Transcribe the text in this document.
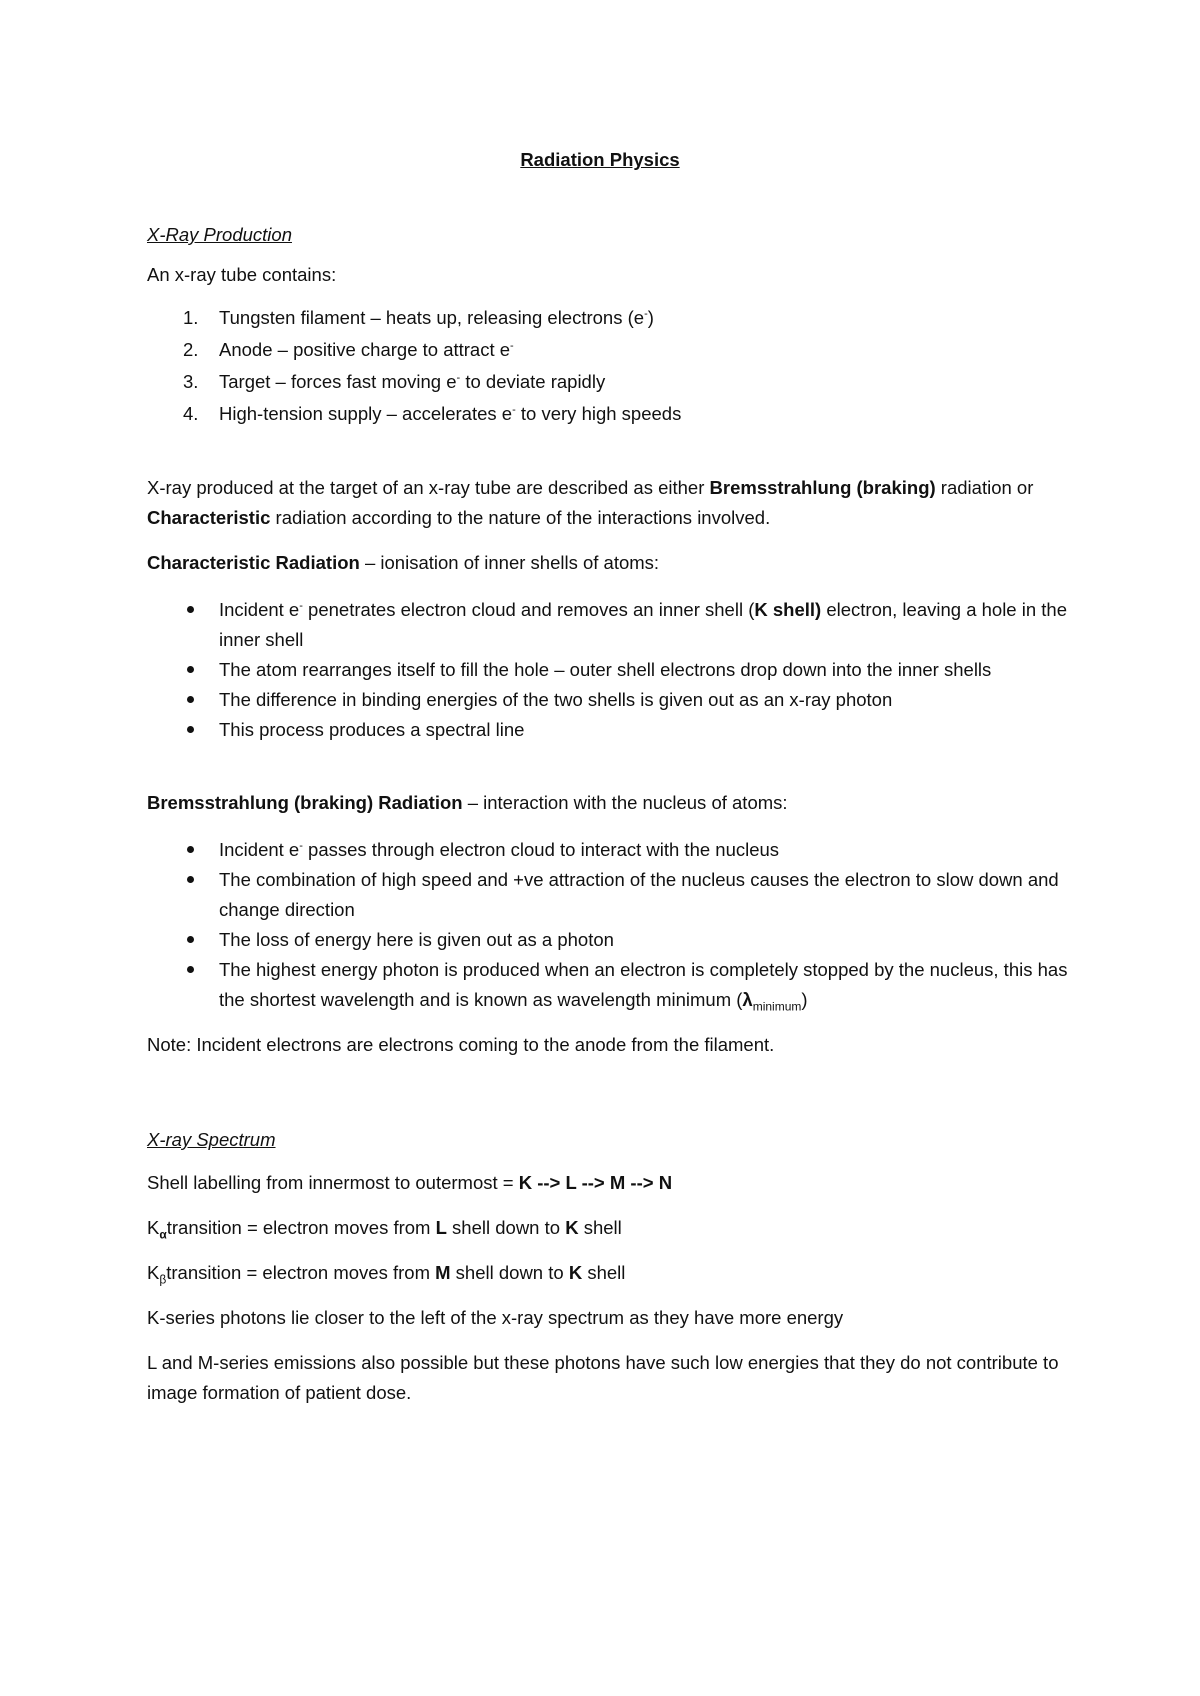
Radiation Physics

X-Ray Production

An x-ray tube contains:

1. Tungsten filament – heats up, releasing electrons (e-)
2. Anode – positive charge to attract e-
3. Target – forces fast moving e- to deviate rapidly
4. High-tension supply – accelerates e- to very high speeds

X-ray produced at the target of an x-ray tube are described as either Bremsstrahlung (braking) radiation or Characteristic radiation according to the nature of the interactions involved.

Characteristic Radiation – ionisation of inner shells of atoms:

Incident e- penetrates electron cloud and removes an inner shell (K shell) electron, leaving a hole in the inner shell
The atom rearranges itself to fill the hole – outer shell electrons drop down into the inner shells
The difference in binding energies of the two shells is given out as an x-ray photon
This process produces a spectral line

Bremsstrahlung (braking) Radiation – interaction with the nucleus of atoms:

Incident e- passes through electron cloud to interact with the nucleus
The combination of high speed and +ve attraction of the nucleus causes the electron to slow down and change direction
The loss of energy here is given out as a photon
The highest energy photon is produced when an electron is completely stopped by the nucleus, this has the shortest wavelength and is known as wavelength minimum $(\lambda_{minimum})$

Note: Incident electrons are electrons coming to the anode from the filament.

X-ray Spectrum

Shell labelling from innermost to outermost = K --> L --> M --> N

$K_\alpha transition$ = electron moves from L shell down to K shell

$K_\beta transition$ = electron moves from M shell down to K shell

K-series photons lie closer to the left of the x-ray spectrum as they have more energy

L and M-series emissions also possible but these photons have such low energies that they do not contribute to image formation of patient dose.
